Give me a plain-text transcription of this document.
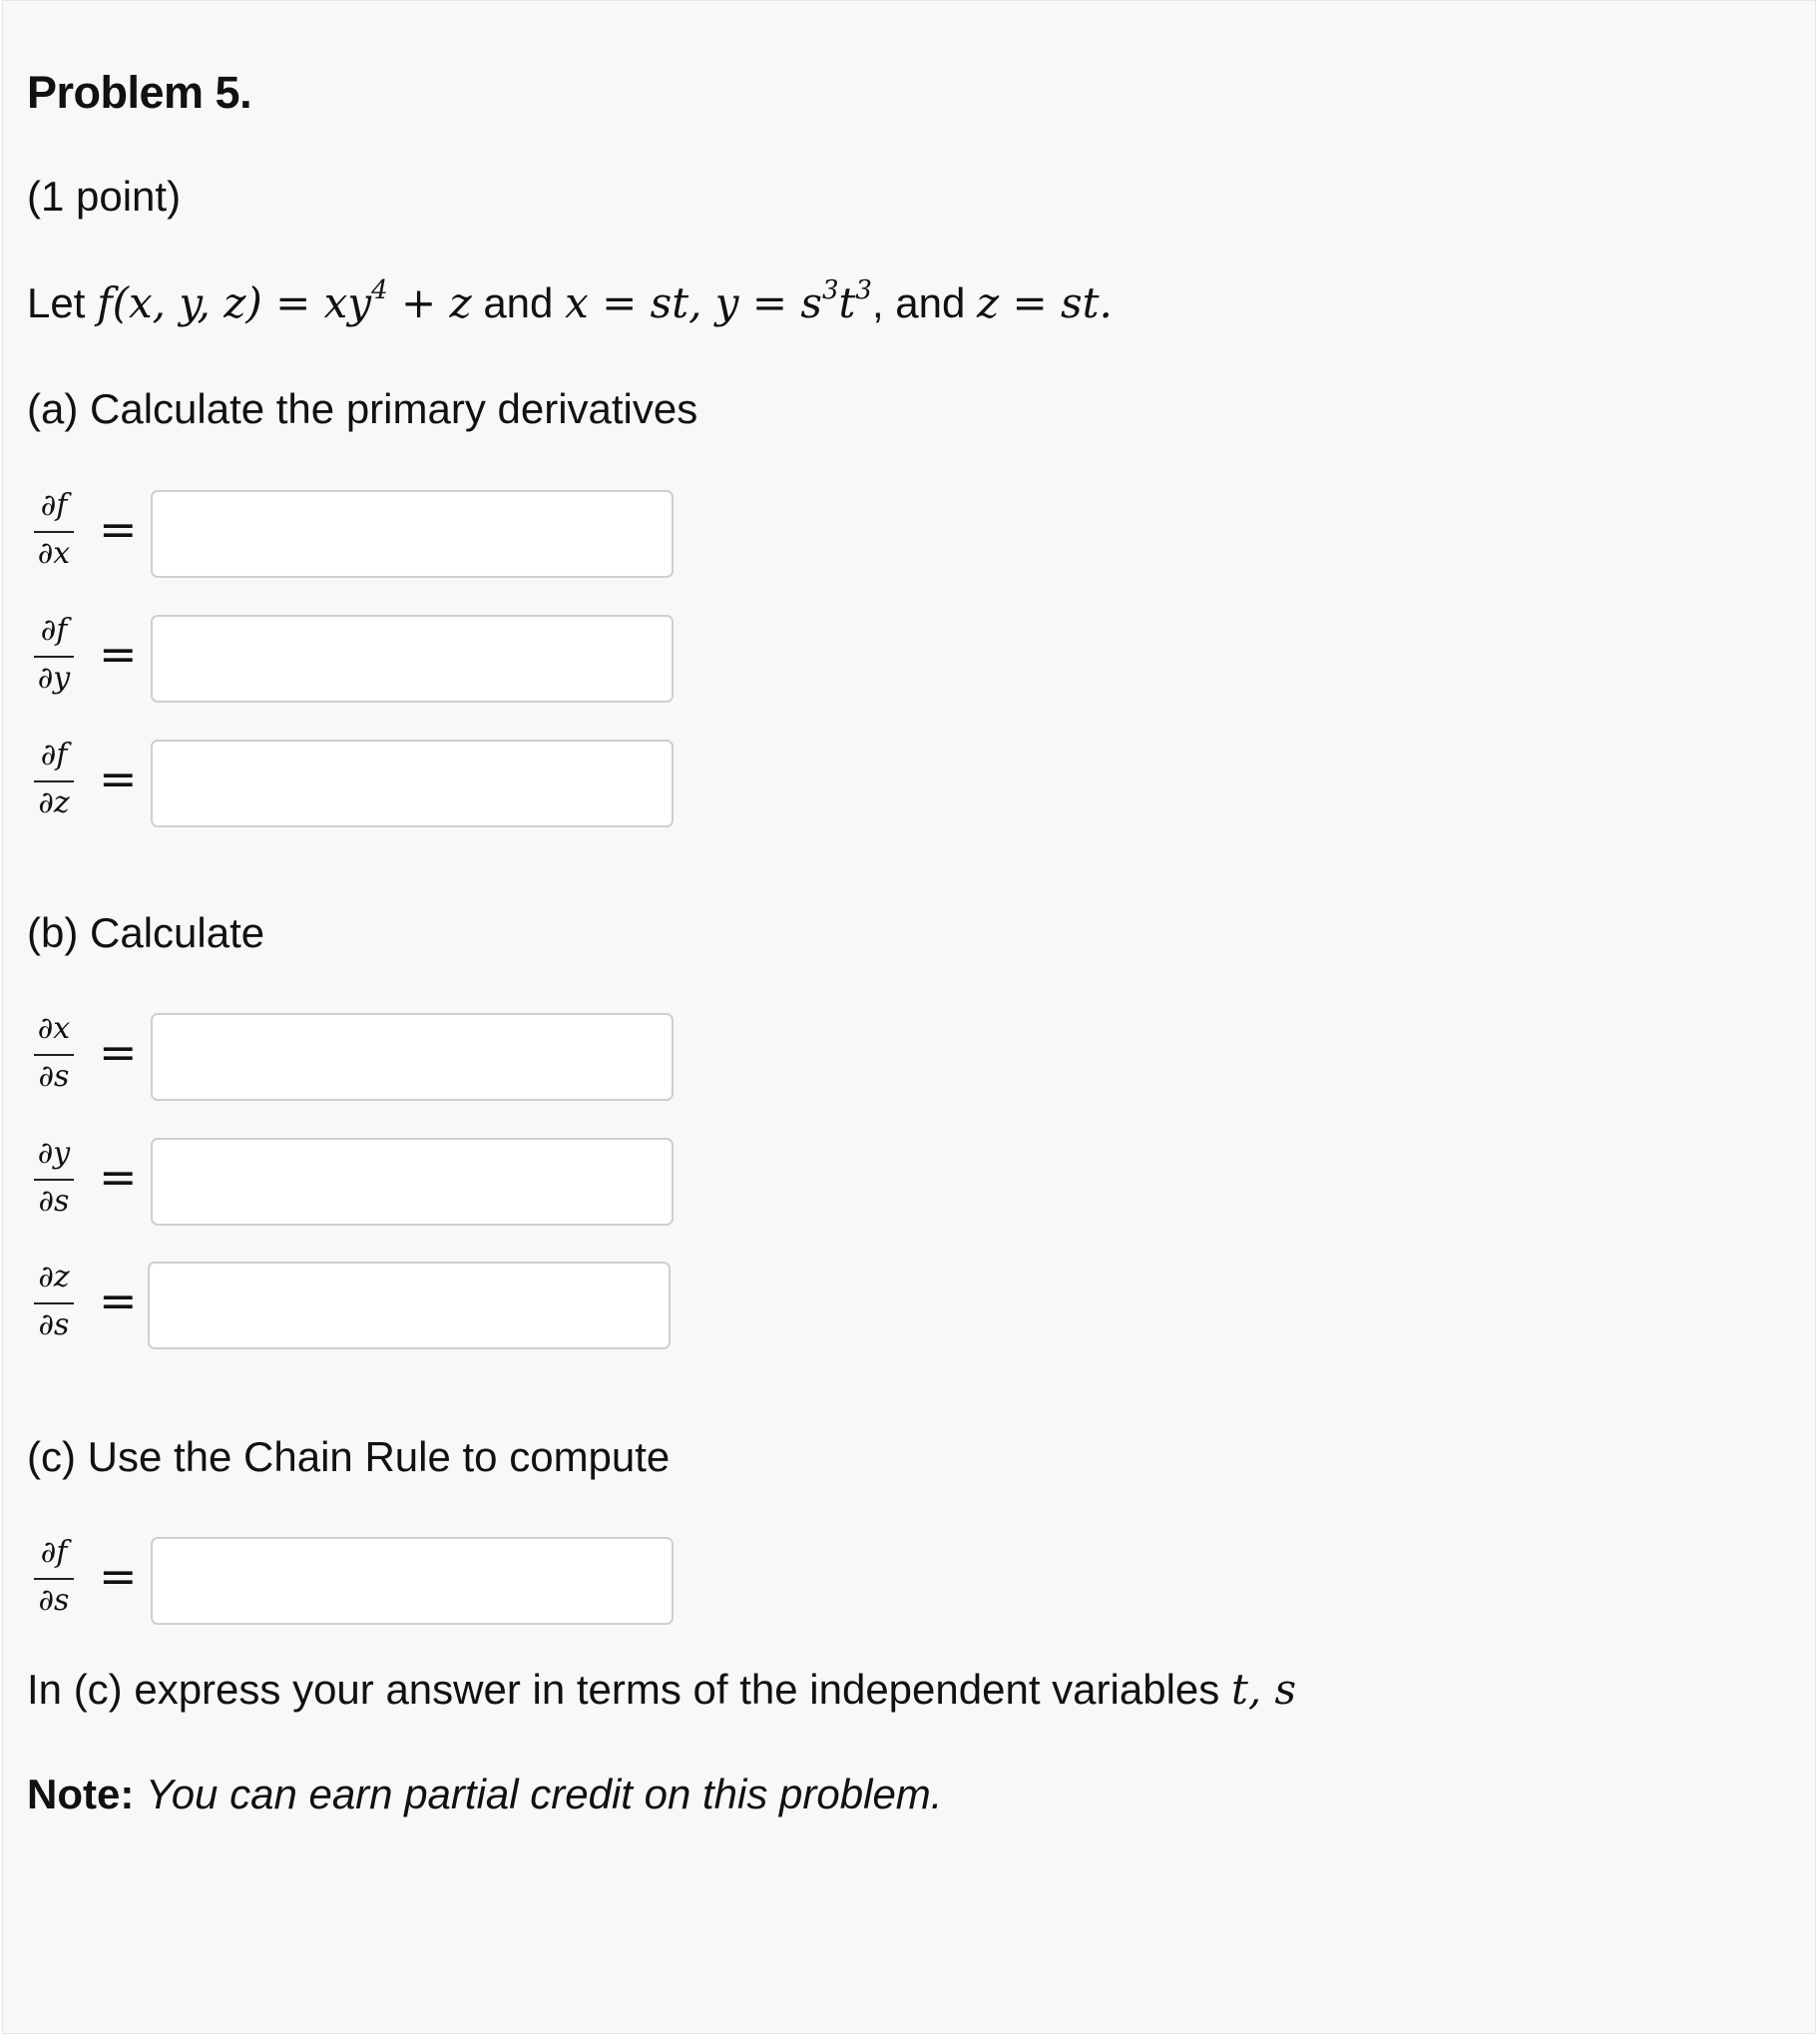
Problem 5.
(1 point)
Let f(x, y, $z) = xy^4 + z$ and x = st, $y = s^3t^3$, and z = st.
(a) Calculate the primary derivatives
∂f
∂x =
∂f
∂y =
∂f
∂z =
(b) Calculate
∂x
∂s =
∂y
∂s =
∂z
∂s =
(c) Use the Chain Rule to compute
∂f
∂s =
In (c) express your answer in terms of the independent variables t, s
Note: You can earn partial credit on this problem.
